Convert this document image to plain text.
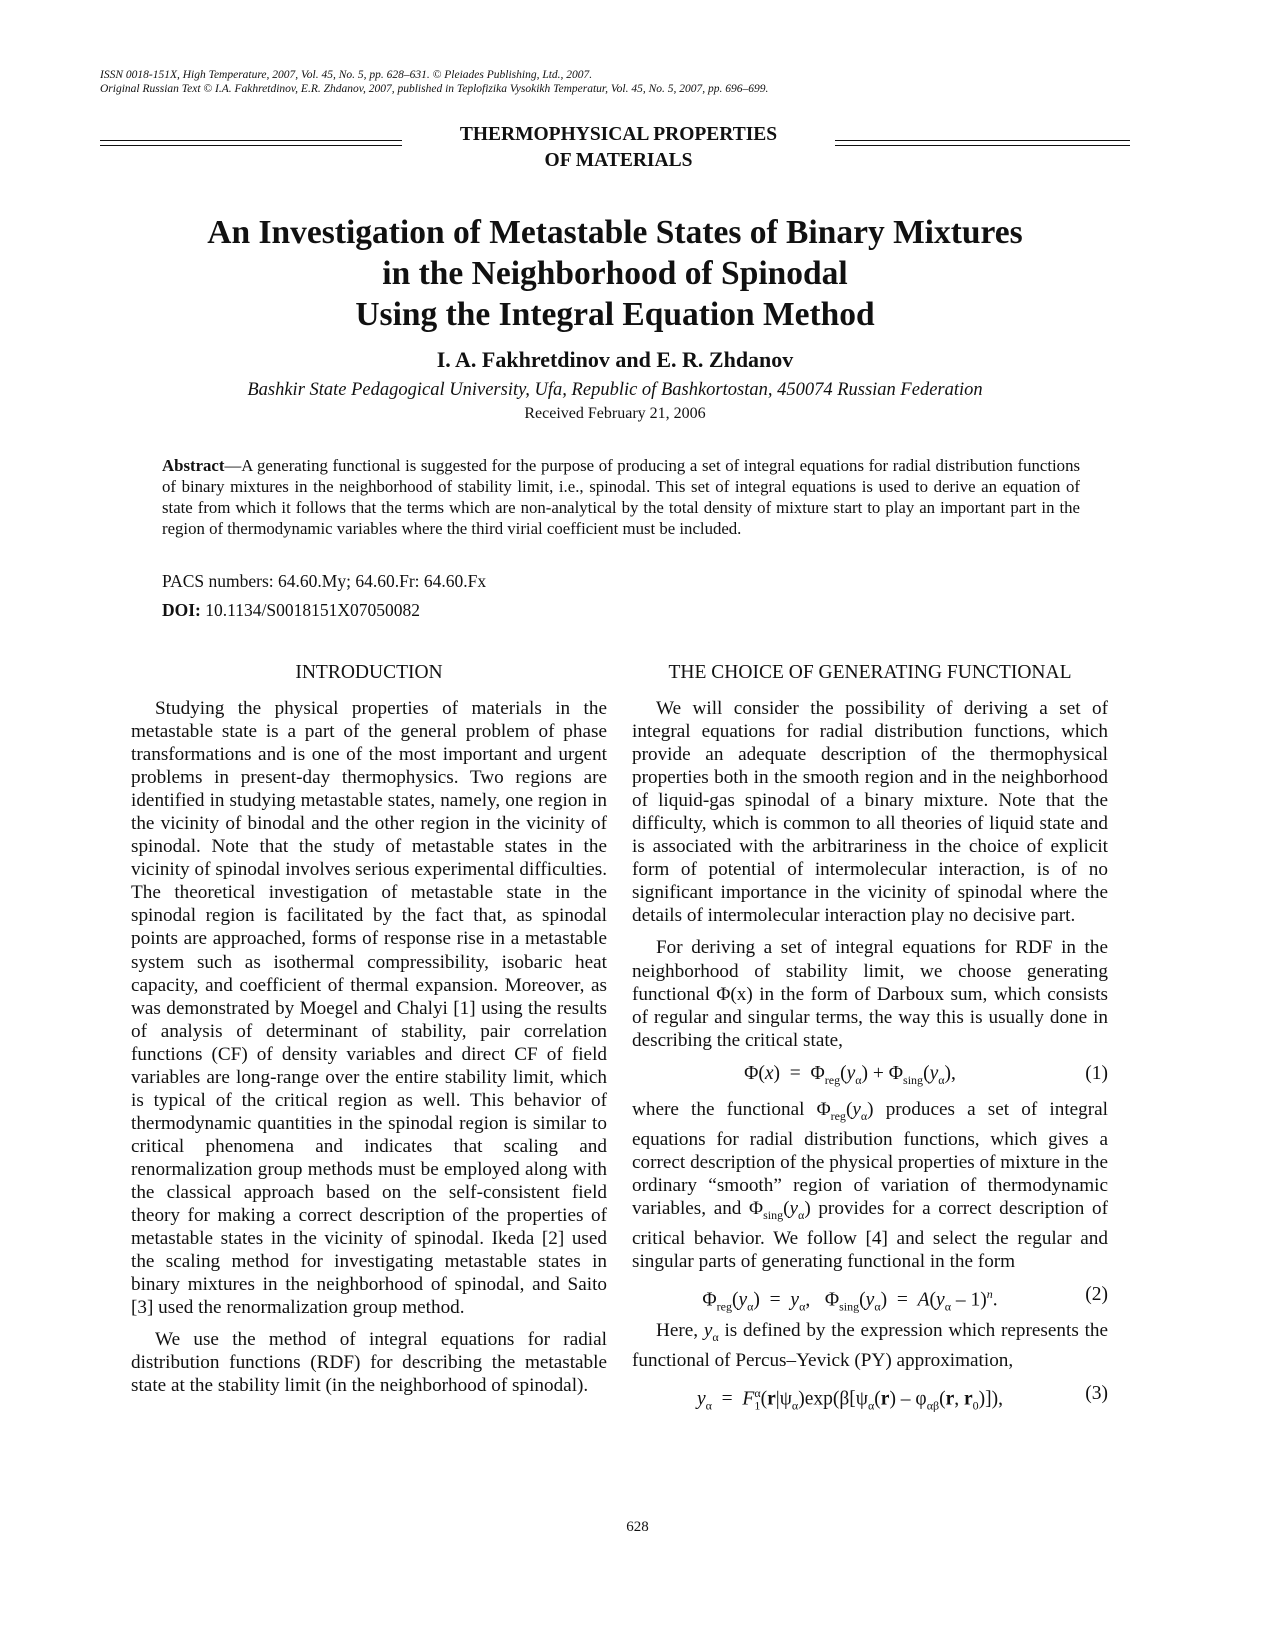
ISSN 0018-151X, High Temperature, 2007, Vol. 45, No. 5, pp. 628–631. © Pleiades Publishing, Ltd., 2007.
Original Russian Text © I.A. Fakhretdinov, E.R. Zhdanov, 2007, published in Teplofizika Vysokikh Temperatur, Vol. 45, No. 5, 2007, pp. 696–699.
THERMOPHYSICAL PROPERTIES
OF MATERIALS
An Investigation of Metastable States of Binary Mixtures
in the Neighborhood of Spinodal
Using the Integral Equation Method
I. A. Fakhretdinov and E. R. Zhdanov
Bashkir State Pedagogical University, Ufa, Republic of Bashkortostan, 450074 Russian Federation
Received February 21, 2006
Abstract—A generating functional is suggested for the purpose of producing a set of integral equations for radial distribution functions of binary mixtures in the neighborhood of stability limit, i.e., spinodal. This set of integral equations is used to derive an equation of state from which it follows that the terms which are non-analytical by the total density of mixture start to play an important part in the region of thermodynamic variables where the third virial coefficient must be included.
PACS numbers: 64.60.My; 64.60.Fr: 64.60.Fx
DOI: 10.1134/S0018151X07050082
INTRODUCTION

Studying the physical properties of materials in the metastable state is a part of the general problem of phase transformations and is one of the most important and urgent problems in present-day thermophysics. Two regions are identified in studying metastable states, namely, one region in the vicinity of binodal and the other region in the vicinity of spinodal. Note that the study of metastable states in the vicinity of spinodal involves serious experimental difficulties. The theoretical investigation of metastable state in the spinodal region is facilitated by the fact that, as spinodal points are approached, forms of response rise in a metastable system such as isothermal compressibility, isobaric heat capacity, and coefficient of thermal expansion. Moreover, as was demonstrated by Moegel and Chalyi [1] using the results of analysis of determinant of stability, pair correlation functions (CF) of density variables and direct CF of field variables are long-range over the entire stability limit, which is typical of the critical region as well. This behavior of thermodynamic quantities in the spinodal region is similar to critical phenomena and indicates that scaling and renormalization group methods must be employed along with the classical approach based on the self-consistent field theory for making a correct description of the properties of metastable states in the vicinity of spinodal. Ikeda [2] used the scaling method for investigating metastable states in binary mixtures in the neighborhood of spinodal, and Saito [3] used the renormalization group method.

We use the method of integral equations for radial distribution functions (RDF) for describing the metastable state at the stability limit (in the neighborhood of spinodal).

THE CHOICE OF GENERATING FUNCTIONAL

We will consider the possibility of deriving a set of integral equations for radial distribution functions, which provide an adequate description of the thermophysical properties both in the smooth region and in the neighborhood of liquid-gas spinodal of a binary mixture. Note that the difficulty, which is common to all theories of liquid state and is associated with the arbitrariness in the choice of explicit form of potential of intermolecular interaction, is of no significant importance in the vicinity of spinodal where the details of intermolecular interaction play no decisive part.

For deriving a set of integral equations for RDF in the neighborhood of stability limit, we choose generating functional Φ(x) in the form of Darboux sum, which consists of regular and singular terms, the way this is usually done in describing the critical state,

$\Phi(x) = \Phi_{reg}(y_\alpha) + \Phi_{sing}(y_\alpha)$,	(1)

where the functional $\Phi_{reg}(y_\alpha)$ produces a set of integral equations for radial distribution functions, which gives a correct description of the physical properties of mixture in the ordinary “smooth” region of variation of thermodynamic variables, and $\Phi_{sing}(y_\alpha)$ provides for a correct description of critical behavior. We follow [4] and select the regular and singular parts of generating functional in the form

$\Phi_{reg}(y_\alpha) = y_\alpha$,   $\Phi_{sing}(y_\alpha) = A(y_\alpha - 1)^n$.	(2)

Here, $y_\alpha$ is defined by the expression which represents the functional of Percus–Yevick (PY) approximation,

$y_\alpha = F_1^\alpha(r|\psi_\alpha)\exp(\beta[\psi_\alpha(r) - \varphi_{\alpha\beta}(r$, $r_0$)]),	(3)
628
